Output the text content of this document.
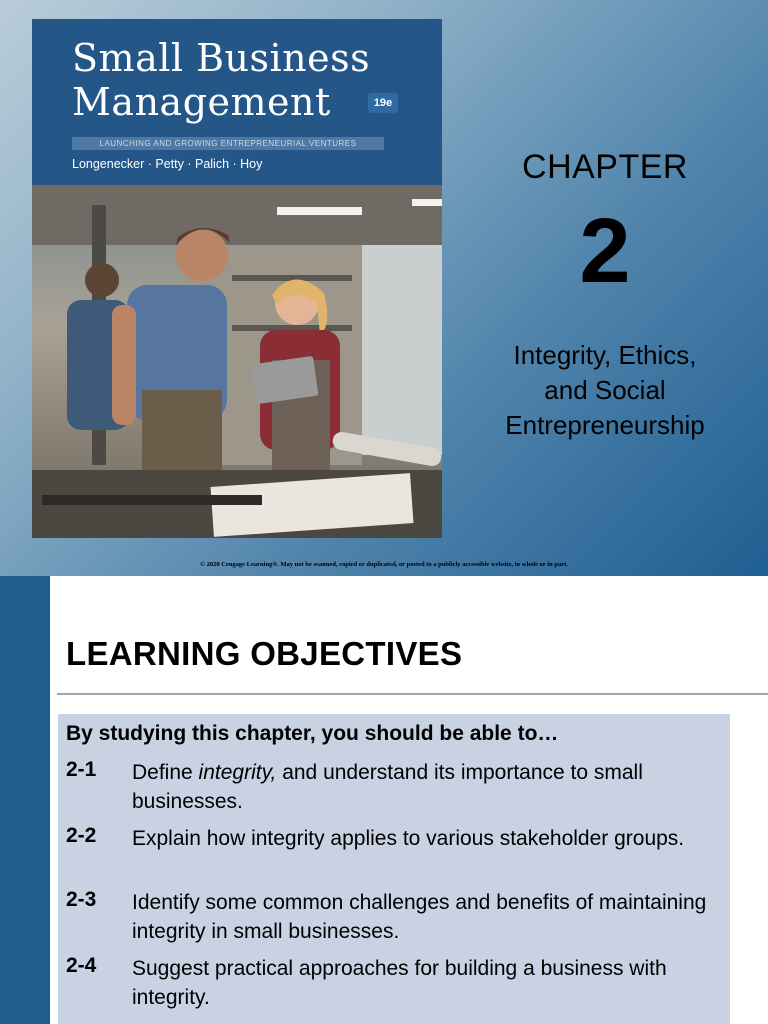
Small Business
Management	19e
LAUNCHING AND GROWING ENTREPRENEURIAL VENTURES
Longenecker · Petty · Palich · Hoy	CHAPTER
2
Integrity, Ethics,
and Social
Entrepreneurship
© 2020 Cengage Learning®. May not be scanned, copied or duplicated, or posted to a publicly accessible website, in whole or in part.
LEARNING OBJECTIVES
By studying this chapter, you should be able to…
2-1 Define integrity, and understand its importance to small businesses.
2-2 Explain how integrity applies to various stakeholder groups.
2-3 Identify some common challenges and benefits of maintaining integrity in small businesses.
2-4 Suggest practical approaches for building a business with integrity.
